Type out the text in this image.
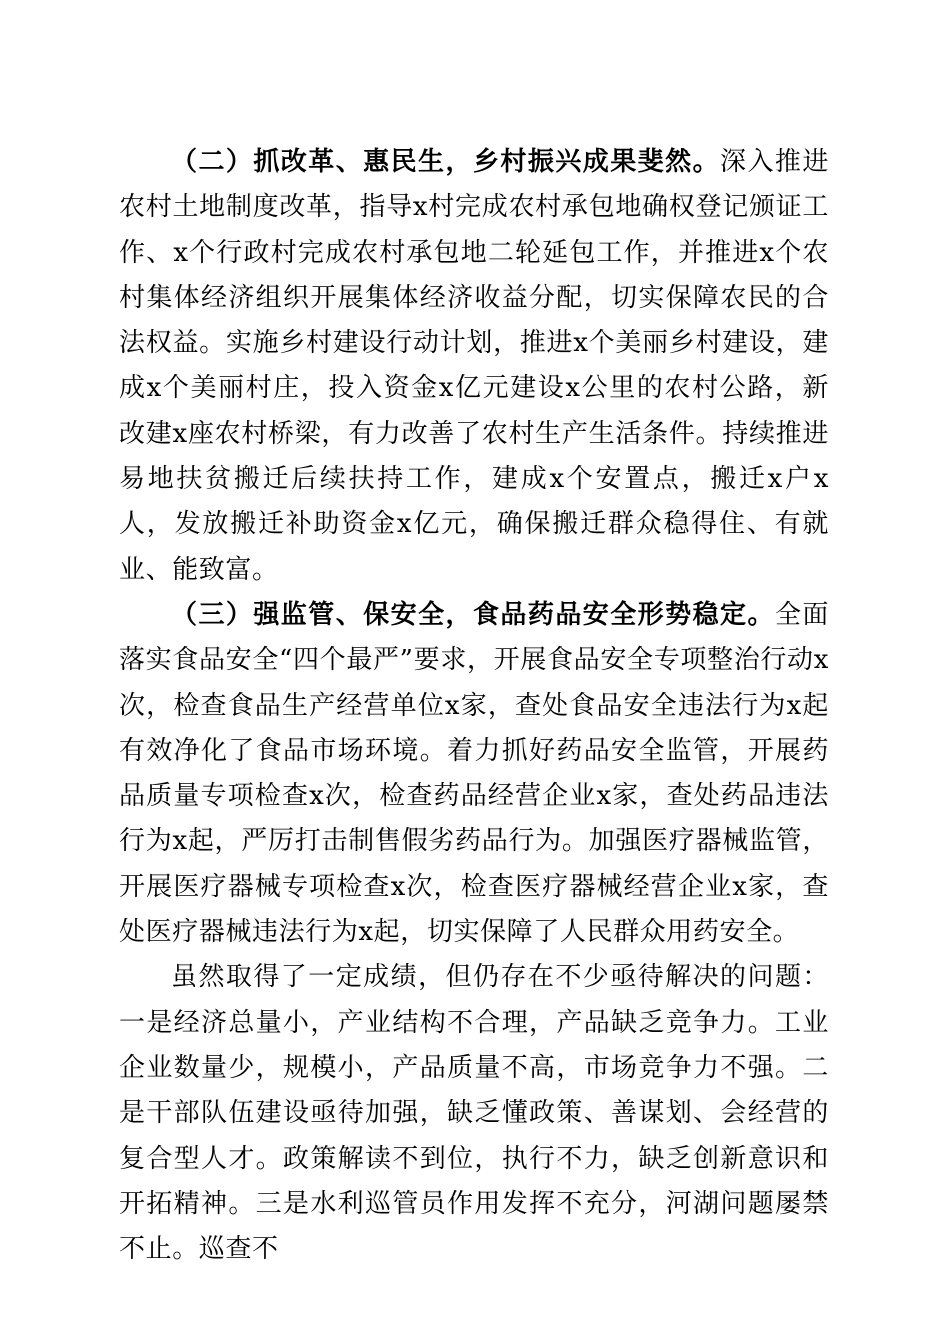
（二）抓改革、惠民生，乡村振兴成果斐然。深入推进农村土地制度改革，指导x村完成农村承包地确权登记颁证工作、x个行政村完成农村承包地二轮延包工作，并推进x个农村集体经济组织开展集体经济收益分配，切实保障农民的合法权益。实施乡村建设行动计划，推进x个美丽乡村建设，建成x个美丽村庄，投入资金x亿元建设x公里的农村公路，新改建x座农村桥梁，有力改善了农村生产生活条件。持续推进易地扶贫搬迁后续扶持工作，建成x个安置点，搬迁x户x人，发放搬迁补助资金x亿元，确保搬迁群众稳得住、有就业、能致富。

（三）强监管、保安全，食品药品安全形势稳定。全面落实食品安全“四个最严”要求，开展食品安全专项整治行动x次，检查食品生产经营单位x家，查处食品安全违法行为x起有效净化了食品市场环境。着力抓好药品安全监管，开展药品质量专项检查x次，检查药品经营企业x家，查处药品违法行为x起，严厉打击制售假劣药品行为。加强医疗器械监管，开展医疗器械专项检查x次，检查医疗器械经营企业x家，查处医疗器械违法行为x起，切实保障了人民群众用药安全。

虽然取得了一定成绩，但仍存在不少亟待解决的问题：一是经济总量小，产业结构不合理，产品缺乏竞争力。工业企业数量少，规模小，产品质量不高，市场竞争力不强。二是干部队伍建设亟待加强，缺乏懂政策、善谋划、会经营的复合型人才。政策解读不到位，执行不力，缺乏创新意识和开拓精神。三是水利巡管员作用发挥不充分，河湖问题屡禁不止。巡查不
